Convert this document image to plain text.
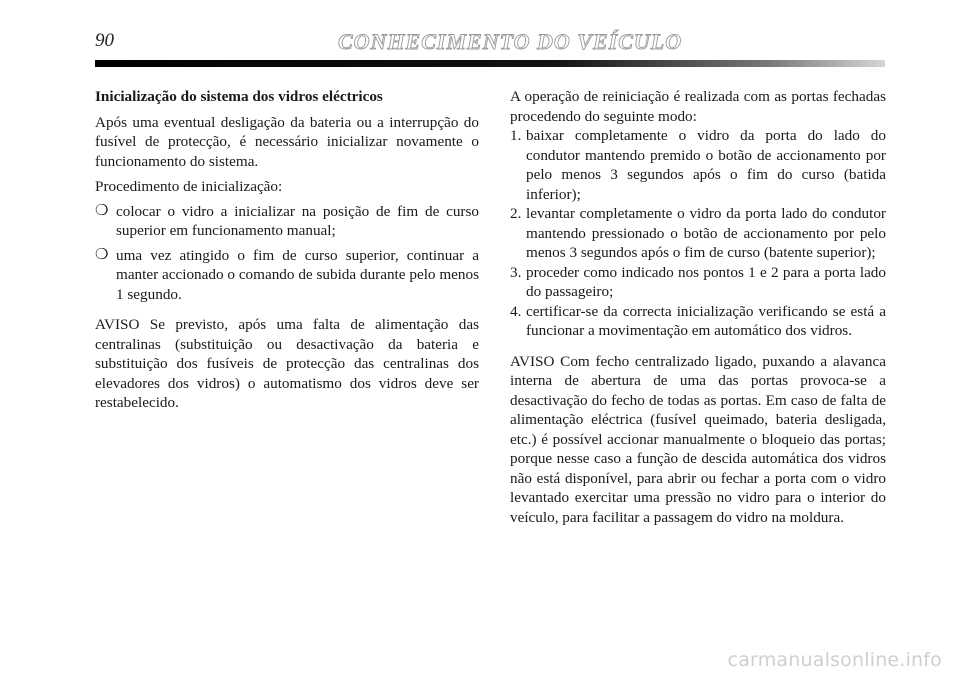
90	CONHECIMENTO DO VEÍCULO

Inicialização do sistema dos vidros eléctricos

Após uma eventual desligação da bateria ou a interrupção do fusível de protecção, é necessário inicializar novamente o funcionamento do sistema.

Procedimento de inicialização:

❍ colocar o vidro a inicializar na posição de fim de curso superior em funcionamento manual;
❍ uma vez atingido o fim de curso superior, continuar a manter accionado o comando de subida durante pelo menos 1 segundo.

AVISO Se previsto, após uma falta de alimentação das centralinas (substituição ou desactivação da bateria e substituição dos fusíveis de protecção das centralinas dos elevadores dos vidros) o automatismo dos vidros deve ser restabelecido.

A operação de reiniciação é realizada com as portas fechadas procedendo do seguinte modo:

1. baixar completamente o vidro da porta do lado do condutor mantendo premido o botão de accionamento por pelo menos 3 segundos após o fim do curso (batida inferior);
2. levantar completamente o vidro da porta lado do condutor mantendo pressionado o botão de accionamento por pelo menos 3 segundos após o fim de curso (batente superior);
3. proceder como indicado nos pontos 1 e 2 para a porta lado do passageiro;
4. certificar-se da correcta inicialização verificando se está a funcionar a movimentação em automático dos vidros.

AVISO Com fecho centralizado ligado, puxando a alavanca interna de abertura de uma das portas provoca-se a desactivação do fecho de todas as portas. Em caso de falta de alimentação eléctrica (fusível queimado, bateria desligada, etc.) é possível accionar manualmente o bloqueio das portas; porque nesse caso a função de descida automática dos vidros não está disponível, para abrir ou fechar a porta com o vidro levantado exercitar uma pressão no vidro para o interior do veículo, para facilitar a passagem do vidro na moldura.

carmanualsonline.info
